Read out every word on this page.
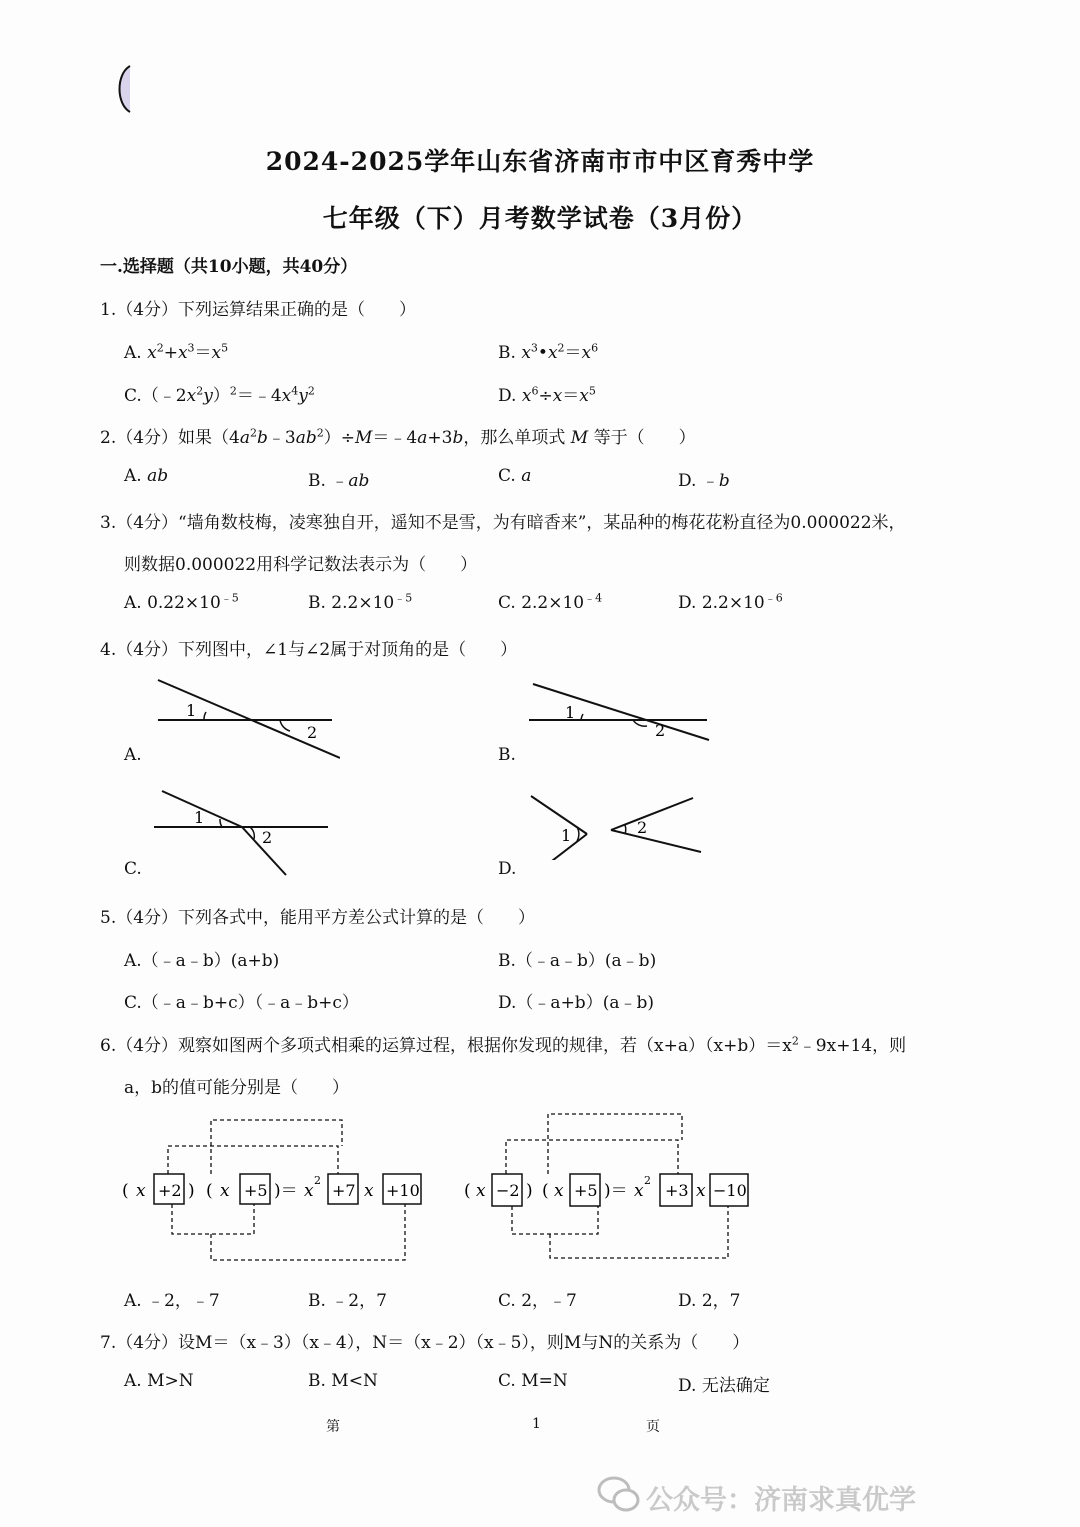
2024-2025学年山东省济南市市中区育秀中学
七年级（下）月考数学试卷（3月份）
一.选择题（共10小题，共40分）
1.（4分）下列运算结果正确的是（　　）
A. $x^2+x^3=x^5$	B. $x^3•x^2=x^6$
$C.(﹣2x^2y)^2=﹣4x^4y^2$	D. $x^6\div x=x^5$
2.（4分）如果$(4a^2b﹣3ab^2)\div M=﹣4a+3b$，那么单项式 M 等于（　　）
A. ab	B. ﹣ab	C. a	D. ﹣b
3.（4分）“墙角数枝梅，凌寒独自开，遥知不是雪，为有暗香来”，某品种的梅花花粉直径为0.000022米，
则数据0.000022用科学记数法表示为（　　）
A. $0.22\times 10^{﹣5}$	B. $2.2\times 10^{﹣5}$	C. $2.2\times 10^{﹣4}$	D. $2.2\times 10^{﹣6}$
4.（4分）下列图中，∠1与∠2属于对顶角的是（　　）
1
2
A.
1
2
B.
1
2
C.
1	2
D.
5.（4分）下列各式中，能用平方差公式计算的是（　　）
A.（﹣a﹣b）(a+b)	B.（﹣a﹣b）(a﹣b)
C.（﹣a﹣b+c）（﹣a﹣b+c）	D.（﹣a+b）(a﹣b)
6.（4分）观察如图两个多项式相乘的运算过程，根据你发现的规律，若$(x+a)(x+b)=x^2﹣9x+14$，则
a，b的值可能分别是（　　）
( x +2 ) ( x +5 )＝ x
2
+7 x +10	( x −2 ) ( x +5 )＝ x
2
+3 x −10
A. ﹣2，﹣7	B. ﹣2，7	C. 2，﹣7	D. 2，7
7.（4分）设M＝（x﹣3）（x﹣4），N＝（x﹣2）（x﹣5），则M与N的关系为（　　）
A. M>N	B. M<N	C. M=N	D. 无法确定
第	1	页
公众号：济南求真优学
